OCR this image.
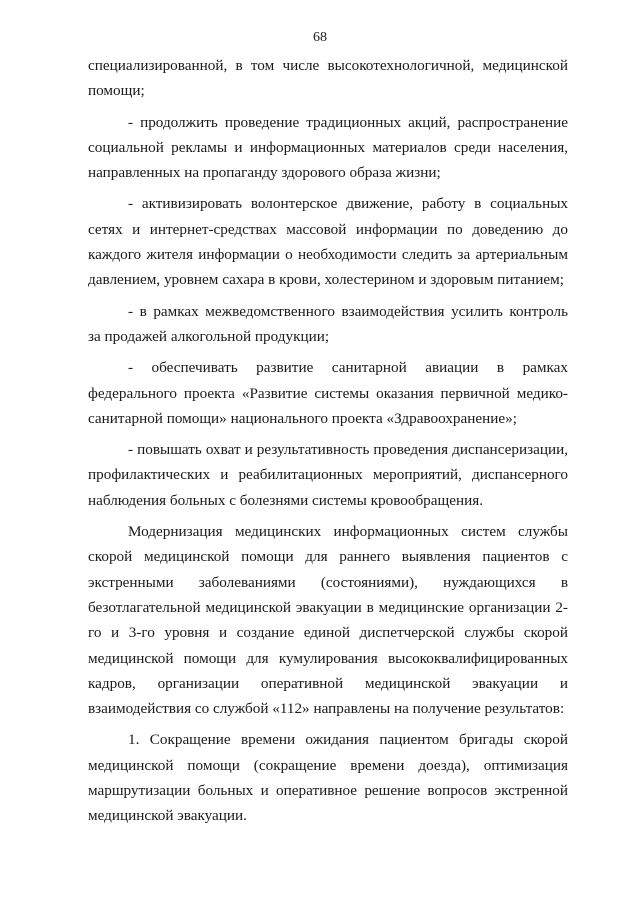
68

специализированной, в том числе высокотехнологичной, медицинской помощи;

- продолжить проведение традиционных акций, распространение социальной рекламы и информационных материалов среди населения, направленных на пропаганду здорового образа жизни;

- активизировать волонтерское движение, работу в социальных сетях и интернет-средствах массовой информации по доведению до каждого жителя информации о необходимости следить за артериальным давлением, уровнем сахара в крови, холестерином и здоровым питанием;

- в рамках межведомственного взаимодействия усилить контроль за продажей алкогольной продукции;

- обеспечивать развитие санитарной авиации в рамках федерального проекта «Развитие системы оказания первичной медико-санитарной помощи» национального проекта «Здравоохранение»;

- повышать охват и результативность проведения диспансеризации, профилактических и реабилитационных мероприятий, диспансерного наблюдения больных с болезнями системы кровообращения.

Модернизация медицинских информационных систем службы скорой медицинской помощи для раннего выявления пациентов с экстренными заболеваниями (состояниями), нуждающихся в безотлагательной медицинской эвакуации в медицинские организации 2-го и 3-го уровня и создание единой диспетчерской службы скорой медицинской помощи для кумулирования высококвалифицированных кадров, организации оперативной медицинской эвакуации и взаимодействия со службой «112» направлены на получение результатов:

1. Сокращение времени ожидания пациентом бригады скорой медицинской помощи (сокращение времени доезда), оптимизация маршрутизации больных и оперативное решение вопросов экстренной медицинской эвакуации.
